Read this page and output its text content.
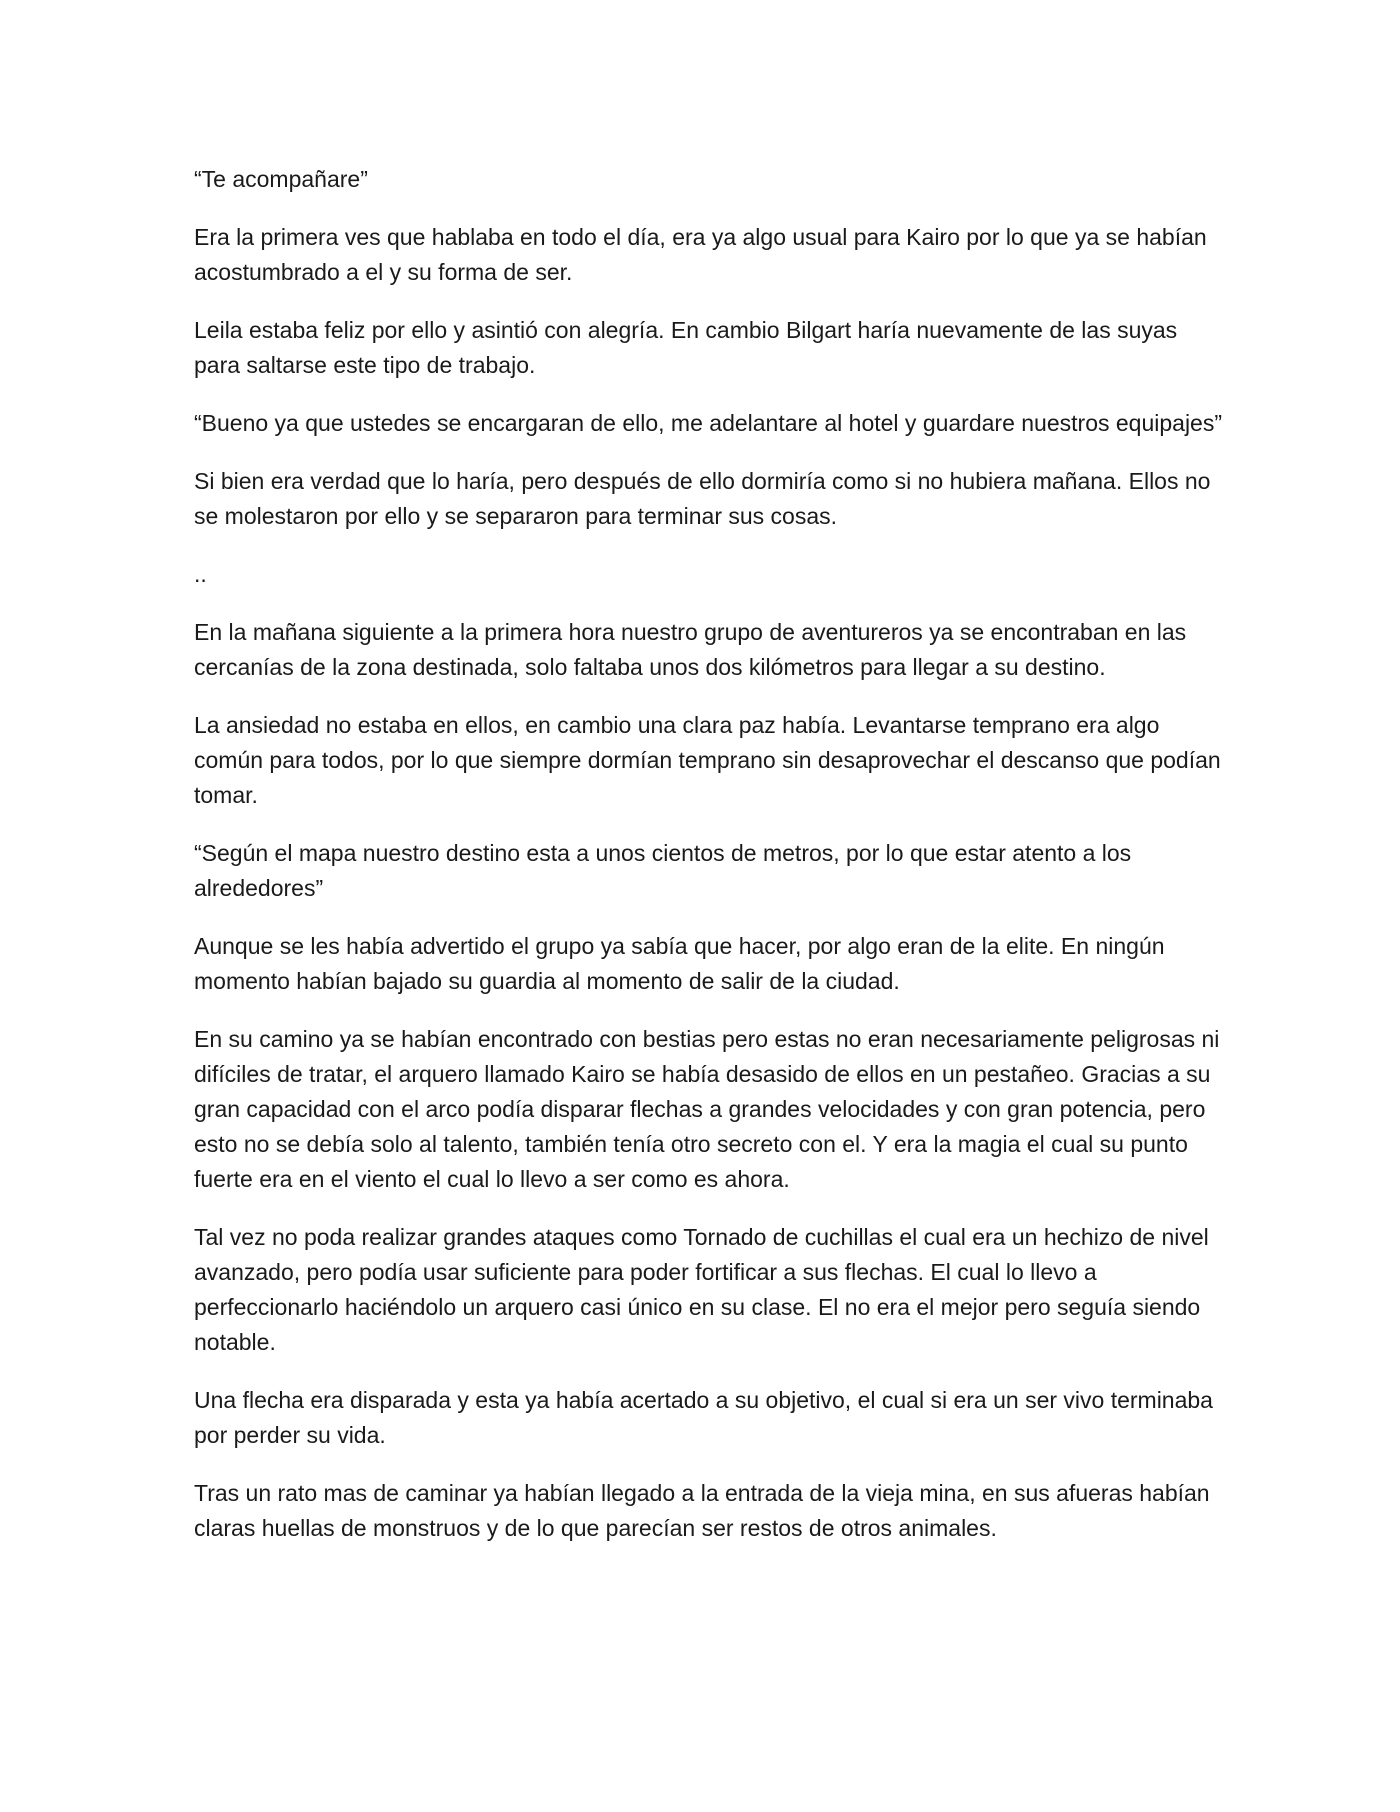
“Te acompañare”

Era la primera ves que hablaba en todo el día, era ya algo usual para Kairo por lo que ya se habían acostumbrado a el y su forma de ser.

Leila estaba feliz por ello y asintió con alegría. En cambio Bilgart haría nuevamente de las suyas para saltarse este tipo de trabajo.

“Bueno ya que ustedes se encargaran de ello, me adelantare al hotel y guardare nuestros equipajes”

Si bien era verdad que lo haría, pero después de ello dormiría como si no hubiera mañana. Ellos no se molestaron por ello y se separaron para terminar sus cosas.

..

En la mañana siguiente a la primera hora nuestro grupo de aventureros ya se encontraban en las cercanías de la zona destinada, solo faltaba unos dos kilómetros para llegar a su destino.

La ansiedad no estaba en ellos, en cambio una clara paz había. Levantarse temprano era algo común para todos, por lo que siempre dormían temprano sin desaprovechar el descanso que podían tomar.

“Según el mapa nuestro destino esta a unos cientos de metros, por lo que estar atento a los alrededores”

Aunque se les había advertido el grupo ya sabía que hacer, por algo eran de la elite. En ningún momento habían bajado su guardia al momento de salir de la ciudad.

En su camino ya se habían encontrado con bestias pero estas no eran necesariamente peligrosas ni difíciles de tratar, el arquero llamado Kairo se había desasido de ellos en un pestañeo. Gracias a su gran capacidad con el arco podía disparar flechas a grandes velocidades y con gran potencia, pero esto no se debía solo al talento, también tenía otro secreto con el. Y era la magia el cual su punto fuerte era en el viento el cual lo llevo a ser como es ahora.

Tal vez no poda realizar grandes ataques como Tornado de cuchillas el cual era un hechizo de nivel avanzado, pero podía usar suficiente para poder fortificar a sus flechas. El cual lo llevo a perfeccionarlo haciéndolo un arquero casi único en su clase. El no era el mejor pero seguía siendo notable.

Una flecha era disparada y esta ya había acertado a su objetivo, el cual si era un ser vivo terminaba por perder su vida.

Tras un rato mas de caminar ya habían llegado a la entrada de la vieja mina, en sus afueras habían claras huellas de monstruos y de lo que parecían ser restos de otros animales.
